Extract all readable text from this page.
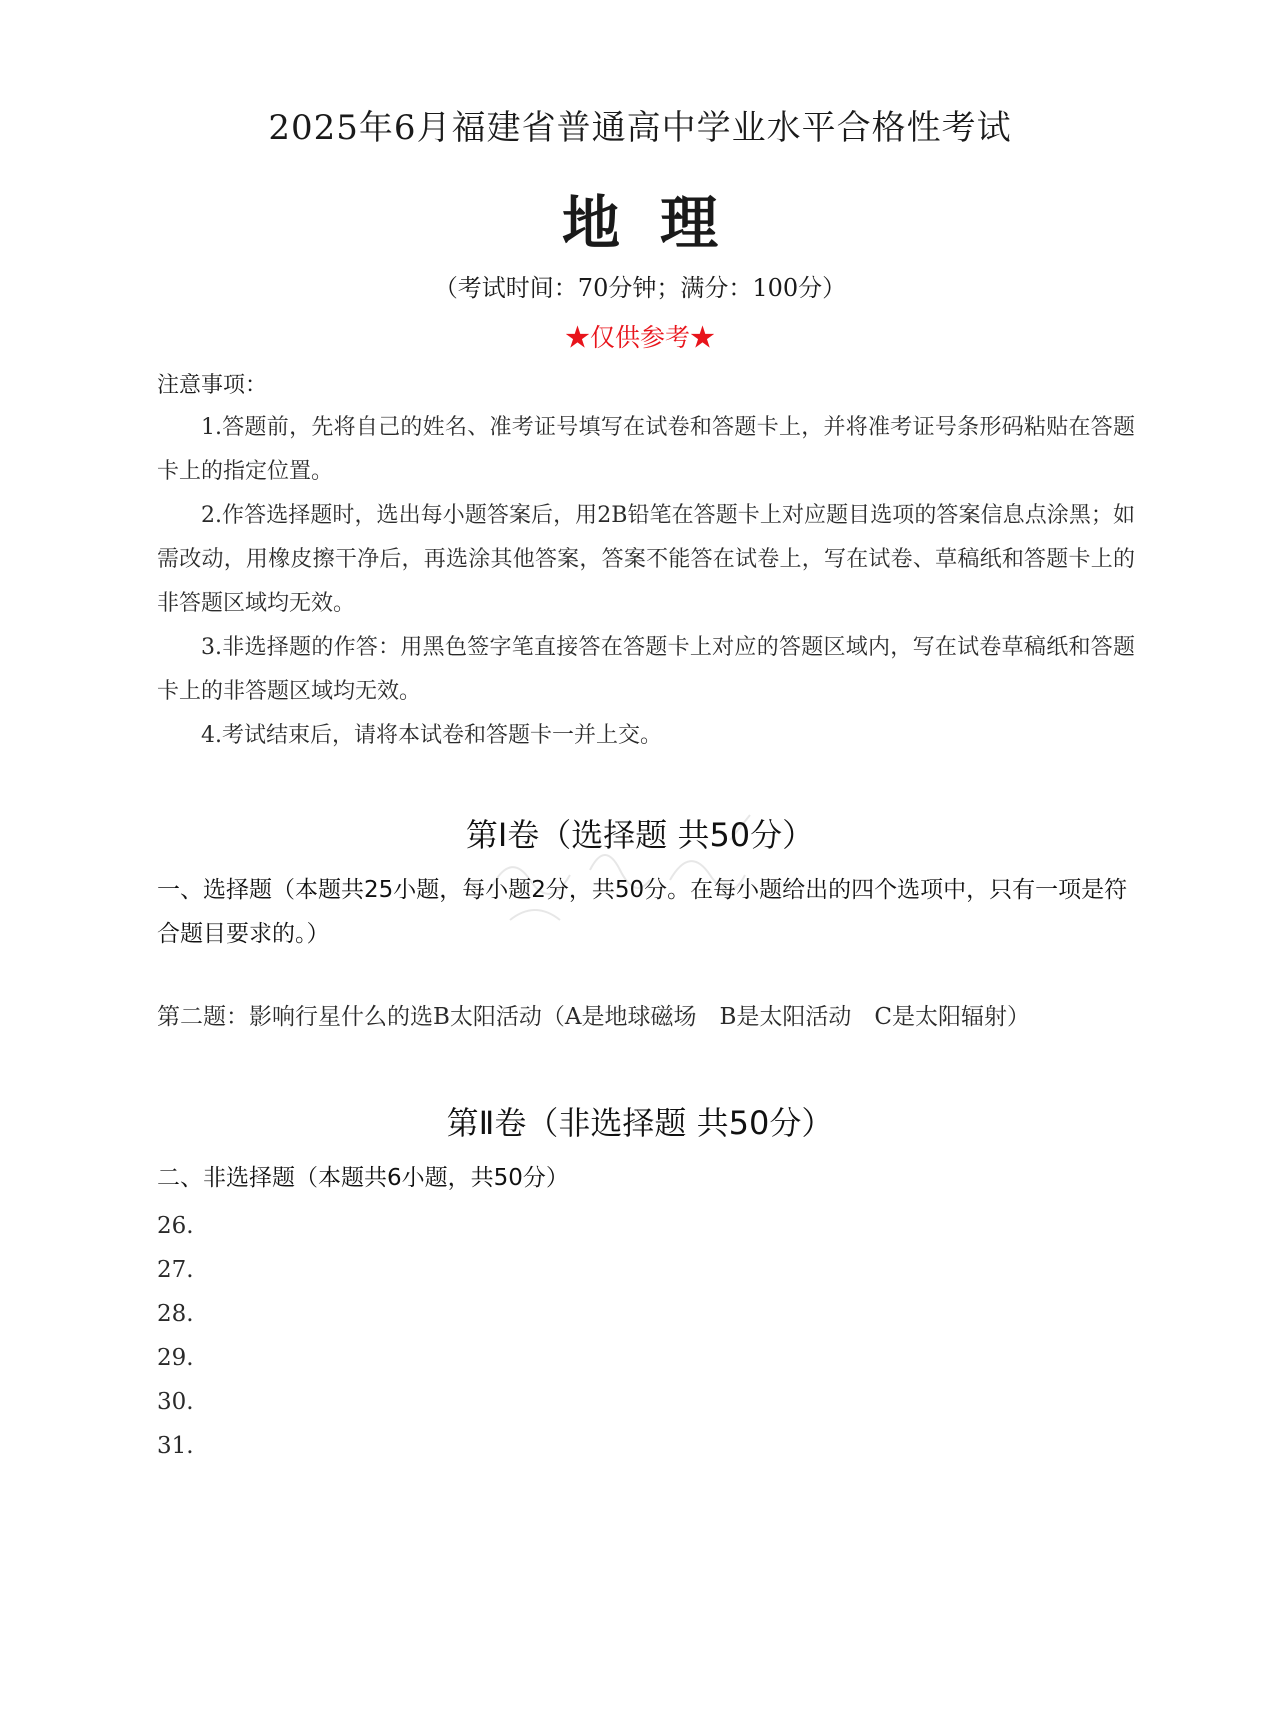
2025年6月福建省普通高中学业水平合格性考试
地理
（考试时间：70分钟；满分：100分）
★仅供参考★
注意事项：
1.答题前，先将自己的姓名、准考证号填写在试卷和答题卡上，并将准考证号条形码粘贴在答题卡上的指定位置。
2.作答选择题时，选出每小题答案后，用2B铅笔在答题卡上对应题目选项的答案信息点涂黑；如需改动，用橡皮擦干净后，再选涂其他答案，答案不能答在试卷上，写在试卷、草稿纸和答题卡上的非答题区域均无效。
3.非选择题的作答：用黑色签字笔直接答在答题卡上对应的答题区域内，写在试卷草稿纸和答题卡上的非答题区域均无效。
4.考试结束后，请将本试卷和答题卡一并上交。
第Ⅰ卷（选择题 共50分）
一、选择题（本题共25小题，每小题2分，共50分。在每小题给出的四个选项中，只有一项是符合题目要求的。）
第二题：影响行星什么的选B太阳活动（A是地球磁场　B是太阳活动　C是太阳辐射）
第Ⅱ卷（非选择题 共50分）
二、非选择题（本题共6小题，共50分）
26.
27.
28.
29.
30.
31.
